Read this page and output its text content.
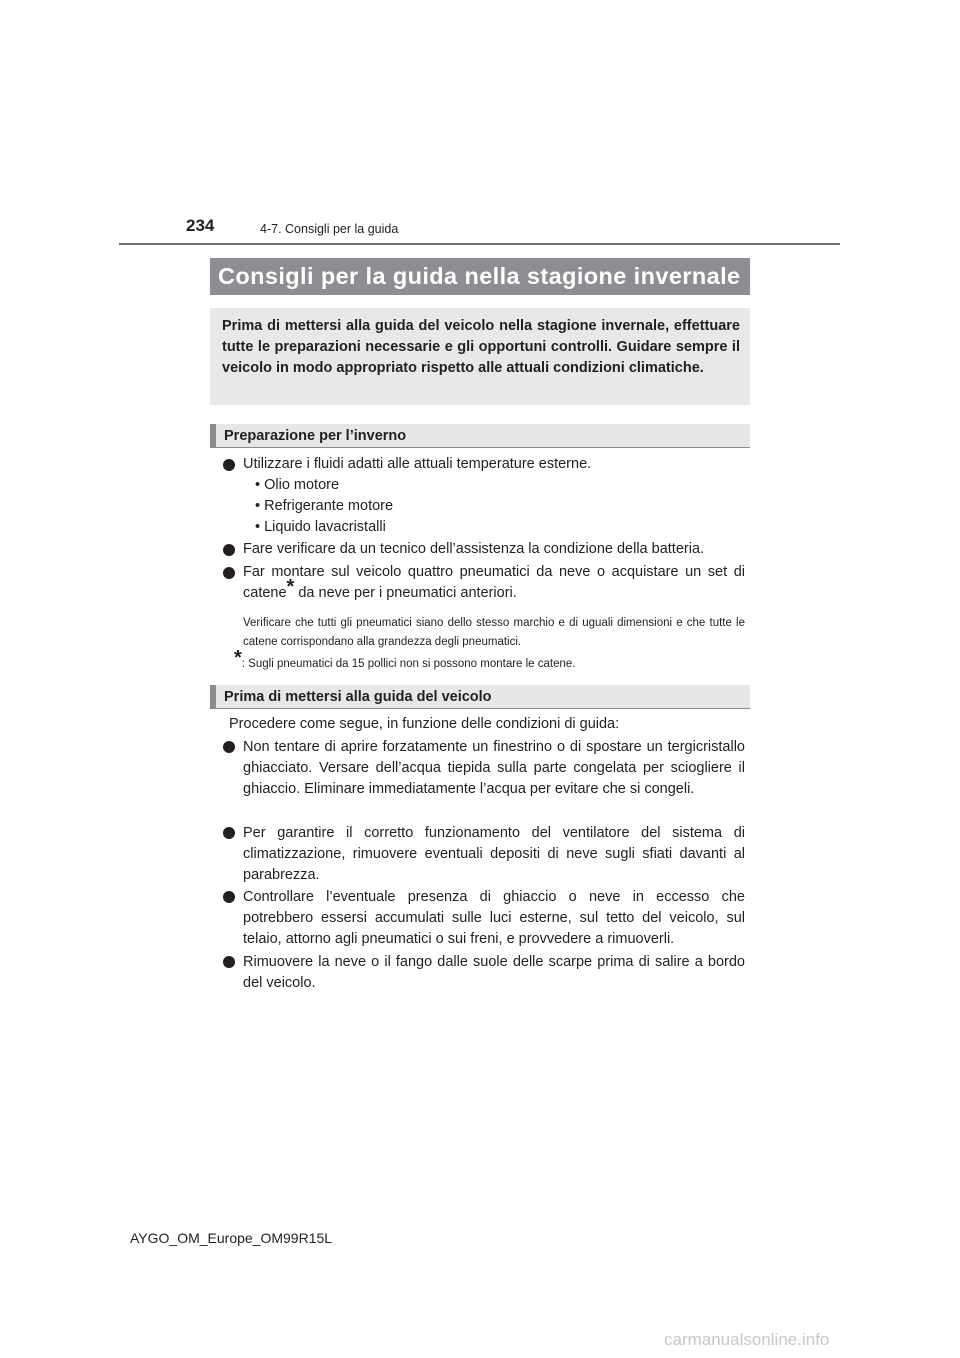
234	4-7. Consigli per la guida
Consigli per la guida nella stagione invernale
Prima di mettersi alla guida del veicolo nella stagione invernale, effettuare tutte le preparazioni necessarie e gli opportuni controlli. Guidare sempre il veicolo in modo appropriato rispetto alle attuali condizioni climatiche.
Preparazione per l’inverno
Utilizzare i fluidi adatti alle attuali temperature esterne.
• Olio motore
• Refrigerante motore
• Liquido lavacristalli
Fare verificare da un tecnico dell’assistenza la condizione della batteria.
Far montare sul veicolo quattro pneumatici da neve o acquistare un set di
catene* da neve per i pneumatici anteriori.
Verificare che tutti gli pneumatici siano dello stesso marchio e di uguali dimensioni e che tutte le catene corrispondano alla grandezza degli pneumatici.
*: Sugli pneumatici da 15 pollici non si possono montare le catene.
Prima di mettersi alla guida del veicolo
Procedere come segue, in funzione delle condizioni di guida:
Non tentare di aprire forzatamente un finestrino o di spostare un tergicristallo ghiacciato. Versare dell’acqua tiepida sulla parte congelata per sciogliere il ghiaccio. Eliminare immediatamente l’acqua per evitare che si congeli.
Per garantire il corretto funzionamento del ventilatore del sistema di climatizzazione, rimuovere eventuali depositi di neve sugli sfiati davanti al parabrezza.
Controllare l’eventuale presenza di ghiaccio o neve in eccesso che potrebbero essersi accumulati sulle luci esterne, sul tetto del veicolo, sul telaio, attorno agli pneumatici o sui freni, e provvedere a rimuoverli.
Rimuovere la neve o il fango dalle suole delle scarpe prima di salire a bordo del veicolo.
AYGO_OM_Europe_OM99R15L
carmanualsonline.info
